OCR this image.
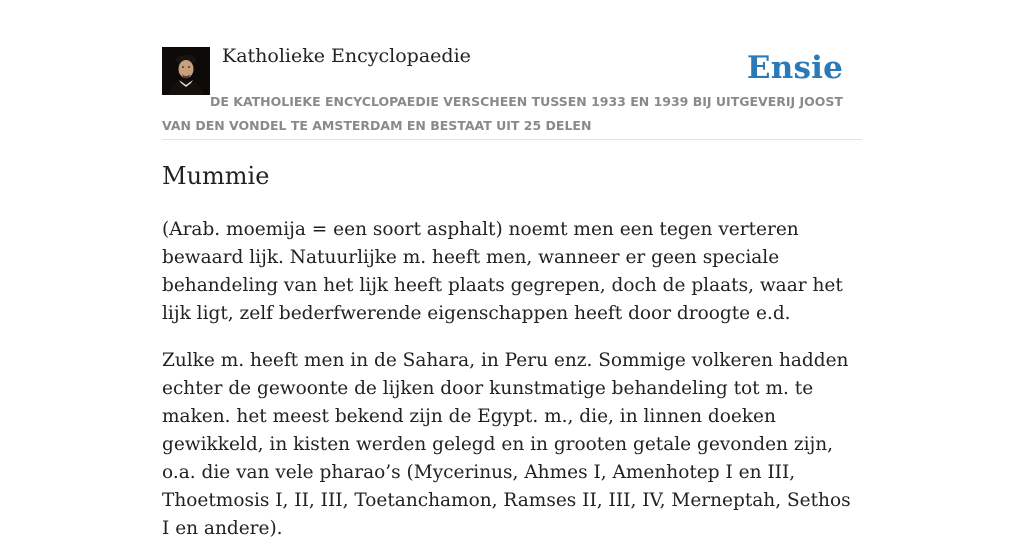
Katholieke Encyclopaedie	Ensie
DE KATHOLIEKE ENCYCLOPAEDIE VERSCHEEN TUSSEN 1933 EN 1939 BIJ UITGEVERIJ JOOST VAN DEN VONDEL TE AMSTERDAM EN BESTAAT UIT 25 DELEN
Mummie

(Arab. moemija = een soort asphalt) noemt men een tegen verteren bewaard lijk. Natuurlijke m. heeft men, wanneer er geen speciale behandeling van het lijk heeft plaats gegrepen, doch de plaats, waar het lijk ligt, zelf bederfwerende eigenschappen heeft door droogte e.d.

Zulke m. heeft men in de Sahara, in Peru enz. Sommige volkeren hadden echter de gewoonte de lijken door kunstmatige behandeling tot m. te maken. het meest bekend zijn de Egypt. m., die, in linnen doeken gewikkeld, in kisten werden gelegd en in grooten getale gevonden zijn, o.a. die van vele pharao’s (Mycerinus, Ahmes I, Amenhotep I en III, Thoetmosis I, II, III, Toetanchamon, Ramses II, III, IV, Merneptah, Sethos I en andere).
